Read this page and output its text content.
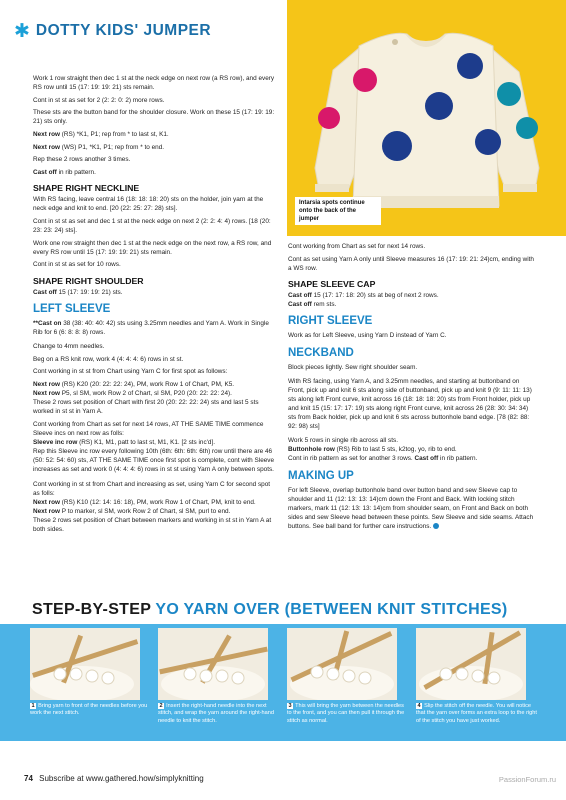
✱ DOTTY KIDS' JUMPER

Work 1 row straight then dec 1 st at the neck edge on next row (a RS row), and every RS row until 15 (17: 19: 19: 21) sts remain.

Cont in st st as set for 2 (2: 2: 0: 2) more rows.

These sts are the button band for the shoulder closure. Work on these 15 (17: 19: 19: 21) sts only.

Next row (RS) *K1, P1; rep from * to last st, K1.

Next row (WS) P1, *K1, P1; rep from * to end.

Rep these 2 rows another 3 times.

Cast off in rib pattern.

SHAPE RIGHT NECKLINE

With RS facing, leave central 16 (18: 18: 18: 20) sts on the holder, join yarn at the neck edge and knit to end. [20 (22: 25: 27: 28) sts].

Cont in st st as set and dec 1 st at the neck edge on next 2 (2: 2: 4: 4) rows. [18 (20: 23: 23: 24) sts].

Work one row straight then dec 1 st at the neck edge on the next row, a RS row, and every RS row until 15 (17: 19: 19: 21) sts remain.

Cont in st st as set for 10 rows.

SHAPE RIGHT SHOULDER

Cast off 15 (17: 19: 19: 21) sts.

LEFT SLEEVE

**Cast on 38 (38: 40: 40: 42) sts using 3.25mm needles and Yarn A. Work in Single Rib for 6 (6: 8: 8: 8) rows.

Change to 4mm needles.

Beg on a RS knit row, work 4 (4: 4: 4: 6) rows in st st.

Cont working in st st from Chart using Yarn C for first spot as follows:

Next row (RS) K20 (20: 22: 22: 24), PM, work Row 1 of Chart, PM, K5.

Next row P5, sl SM, work Row 2 of Chart, sl SM, P20 (20: 22: 22: 24).

These 2 rows set position of Chart with first 20 (20: 22: 22: 24) sts and last 5 sts worked in st st in Yarn A.

Cont working from Chart as set for next 14 rows, AT THE SAME TIME commence Sleeve incs on next row as folls:

Sleeve inc row (RS) K1, M1, patt to last st, M1, K1. [2 sts inc'd].

Rep this Sleeve inc row every following 10th (6th: 6th: 6th: 6th) row until there are 46 (50: 52: 54: 60) sts, AT THE SAME TIME once first spot is complete, cont with Sleeve increases as set and work 0 (4: 4: 4: 6) rows in st st using Yarn A only between spots.

Cont working in st st from Chart and increasing as set, using Yarn C for second spot as folls:

Next row (RS) K10 (12: 14: 16: 18), PM, work Row 1 of Chart, PM, knit to end.

Next row P to marker, sl SM, work Row 2 of Chart, sl SM, purl to end.

These 2 rows set position of Chart between markers and working in st st in Yarn A at both sides.

Intarsia spots continue onto the back of the jumper

Cont working from Chart as set for next 14 rows.

Cont as set using Yarn A only until Sleeve measures 16 (17: 19: 21: 24)cm, ending with a WS row.

SHAPE SLEEVE CAP

Cast off 15 (17: 17: 18: 20) sts at beg of next 2 rows.

Cast off rem sts.

RIGHT SLEEVE

Work as for Left Sleeve, using Yarn D instead of Yarn C.

NECKBAND

Block pieces lightly. Sew right shoulder seam.

With RS facing, using Yarn A, and 3.25mm needles, and starting at buttonband on Front, pick up and knit 6 sts along side of buttonband, pick up and knit 9 (9: 11: 11: 13) sts along left Front curve, knit across 16 (18: 18: 18: 20) sts from Front holder, pick up and knit 15 (15: 17: 17: 19) sts along right Front curve, knit across 26 (28: 30: 34: 34) sts from Back holder, pick up and knit 6 sts across buttonhole band edge. [78 (82: 88: 92: 98) sts]

Work 5 rows in single rib across all sts.

Buttonhole row (RS) Rib to last 5 sts, k2tog, yo, rib to end.

Cont in rib pattern as set for another 3 rows. Cast off in rib pattern.

MAKING UP

For left Sleeve, overlap buttonhole band over button band and sew Sleeve cap to shoulder and 11 (12: 13: 13: 14)cm down the Front and Back. With locking stitch markers, mark 11 (12: 13: 13: 14)cm from shoulder seam, on Front and Back on both sides and sew Sleeve head between these points. Sew Sleeve and side seams. Attach buttons. See ball band for further care instructions.

STEP-BY-STEP YO YARN OVER (BETWEEN KNIT STITCHES)
1 Bring yarn to front of the needles before you work the next stitch.
2 Insert the right-hand needle into the next stitch, and wrap the yarn around the right-hand needle to knit the stitch.
3 This will bring the yarn between the needles to the front, and you can then pull it through the stitch as normal.
4 Slip the stitch off the needle. You will notice that the yarn over forms an extra loop to the right of the stitch you have just worked.
74 Subscribe at www.gathered.how/simplyknitting	PassionForum.ru
